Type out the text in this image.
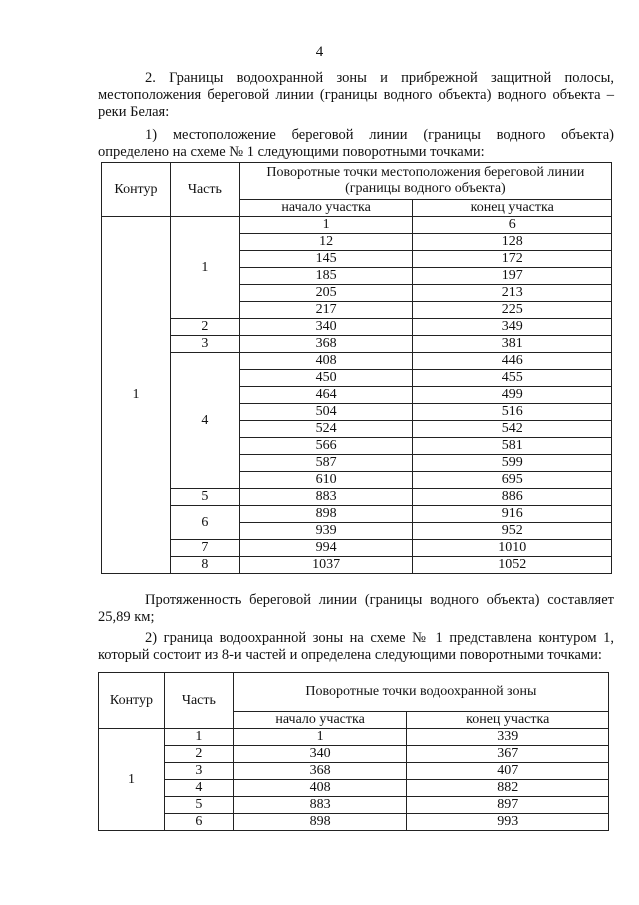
4
2. Границы водоохранной зоны и прибрежной защитной полосы, местоположения береговой линии (границы водного объекта) водного объекта – реки Белая:
1) местоположение береговой линии (границы водного объекта) определено на схеме № 1 следующими поворотными точками:
Контур	Часть	Поворотные точки местоположения береговой линии (границы водного объекта)	
		начало участка	конец участка
1	1	1	6
		12	128
		145	172
		185	197
		205	213
		217	225
	2	340	349
	3	368	381
	4	408	446
		450	455
		464	499
		504	516
		524	542
		566	581
		587	599
		610	695
	5	883	886
	6	898	916
		939	952
	7	994	1010
	8	1037	1052
Протяженность береговой линии (границы водного объекта) составляет 25,89 км;
2) граница водоохранной зоны на схеме № 1 представлена контуром 1, который состоит из 8-и частей и определена следующими поворотными точками:
Контур	Часть	Поворотные точки водоохранной зоны	
		начало участка	конец участка
1	1	1	339
	2	340	367
	3	368	407
	4	408	882
	5	883	897
	6	898	993
